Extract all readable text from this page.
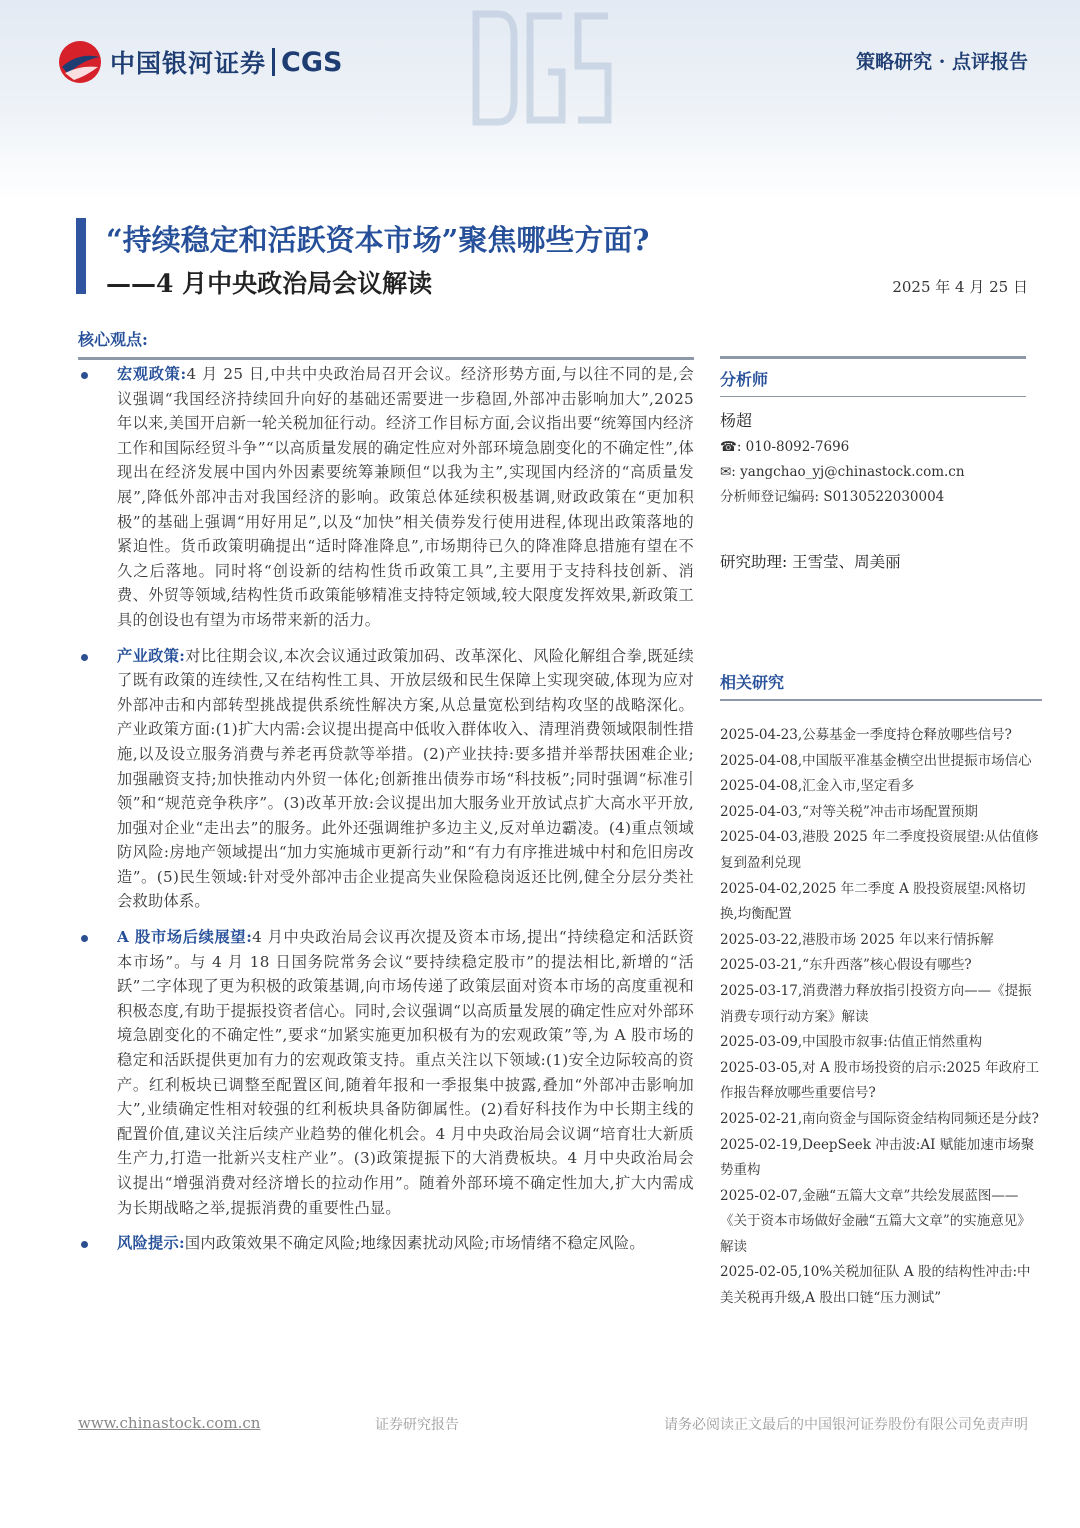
中国银河证券 CGS	策略研究 · 点评报告
“持续稳定和活跃资本市场”聚焦哪些方面?
——4 月中央政治局会议解读	2025 年 4 月 25 日
核心观点:

宏观政策:4 月 25 日,中共中央政治局召开会议。经济形势方面,与以往不同的是,会议强调“我国经济持续回升向好的基础还需要进一步稳固,外部冲击影响加大”,2025 年以来,美国开启新一轮关税加征行动。经济工作目标方面,会议指出要“统筹国内经济工作和国际经贸斗争”“以高质量发展的确定性应对外部环境急剧变化的不确定性”,体现出在经济发展中国内外因素要统筹兼顾但“以我为主”,实现国内经济的“高质量发展”,降低外部冲击对我国经济的影响。政策总体延续积极基调,财政政策在“更加积极”的基础上强调“用好用足”,以及“加快”相关债券发行使用进程,体现出政策落地的紧迫性。货币政策明确提出“适时降准降息”,市场期待已久的降准降息措施有望在不久之后落地。同时将“创设新的结构性货币政策工具”,主要用于支持科技创新、消费、外贸等领域,结构性货币政策能够精准支持特定领域,较大限度发挥效果,新政策工具的创设也有望为市场带来新的活力。

产业政策:对比往期会议,本次会议通过政策加码、改革深化、风险化解组合拳,既延续了既有政策的连续性,又在结构性工具、开放层级和民生保障上实现突破,体现为应对外部冲击和内部转型挑战提供系统性解决方案,从总量宽松到结构攻坚的战略深化。产业政策方面:(1)扩大内需:会议提出提高中低收入群体收入、清理消费领域限制性措施,以及设立服务消费与养老再贷款等举措。(2)产业扶持:要多措并举帮扶困难企业;加强融资支持;加快推动内外贸一体化;创新推出债券市场“科技板”;同时强调“标准引领”和“规范竞争秩序”。(3)改革开放:会议提出加大服务业开放试点扩大高水平开放,加强对企业“走出去”的服务。此外还强调维护多边主义,反对单边霸凌。(4)重点领域防风险:房地产领域提出“加力实施城市更新行动”和“有力有序推进城中村和危旧房改造”。(5)民生领域:针对受外部冲击企业提高失业保险稳岗返还比例,健全分层分类社会救助体系。

A 股市场后续展望:4 月中央政治局会议再次提及资本市场,提出“持续稳定和活跃资本市场”。与 4 月 18 日国务院常务会议“要持续稳定股市”的提法相比,新增的“活跃”二字体现了更为积极的政策基调,向市场传递了政策层面对资本市场的高度重视和积极态度,有助于提振投资者信心。同时,会议强调“以高质量发展的确定性应对外部环境急剧变化的不确定性”,要求“加紧实施更加积极有为的宏观政策”等,为 A 股市场的稳定和活跃提供更加有力的宏观政策支持。重点关注以下领域:(1)安全边际较高的资产。红利板块已调整至配置区间,随着年报和一季报集中披露,叠加“外部冲击影响加大”,业绩确定性相对较强的红利板块具备防御属性。(2)看好科技作为中长期主线的配置价值,建议关注后续产业趋势的催化机会。4 月中央政治局会议调“培育壮大新质生产力,打造一批新兴支柱产业”。(3)政策提振下的大消费板块。4 月中央政治局会议提出“增强消费对经济增长的拉动作用”。随着外部环境不确定性加大,扩大内需成为长期战略之举,提振消费的重要性凸显。

风险提示:国内政策效果不确定风险;地缘因素扰动风险;市场情绪不稳定风险。

分析师
杨超
☎: 010-8092-7696
✉: yangchao_yj@chinastock.com.cn
分析师登记编码: S0130522030004
研究助理: 王雪莹、周美丽
相关研究
2025-04-23,公募基金一季度持仓释放哪些信号?
2025-04-08,中国版平准基金横空出世提振市场信心
2025-04-08,汇金入市,坚定看多
2025-04-03,“对等关税”冲击市场配置预期
2025-04-03,港股 2025 年二季度投资展望:从估值修复到盈利兑现
2025-04-02,2025 年二季度 A 股投资展望:风格切换,均衡配置
2025-03-22,港股市场 2025 年以来行情拆解
2025-03-21,“东升西落”核心假设有哪些?
2025-03-17,消费潜力释放指引投资方向——《提振消费专项行动方案》解读
2025-03-09,中国股市叙事:估值正悄然重构
2025-03-05,对 A 股市场投资的启示:2025 年政府工作报告释放哪些重要信号?
2025-02-21,南向资金与国际资金结构同频还是分歧?
2025-02-19,DeepSeek 冲击波:AI 赋能加速市场聚势重构
2025-02-07,金融“五篇大文章”共绘发展蓝图——《关于资本市场做好金融“五篇大文章”的实施意见》解读
2025-02-05,10%关税加征队 A 股的结构性冲击:中美关税再升级,A 股出口链“压力测试”
www.chinastock.com.cn	证券研究报告	请务必阅读正文最后的中国银河证券股份有限公司免责声明
